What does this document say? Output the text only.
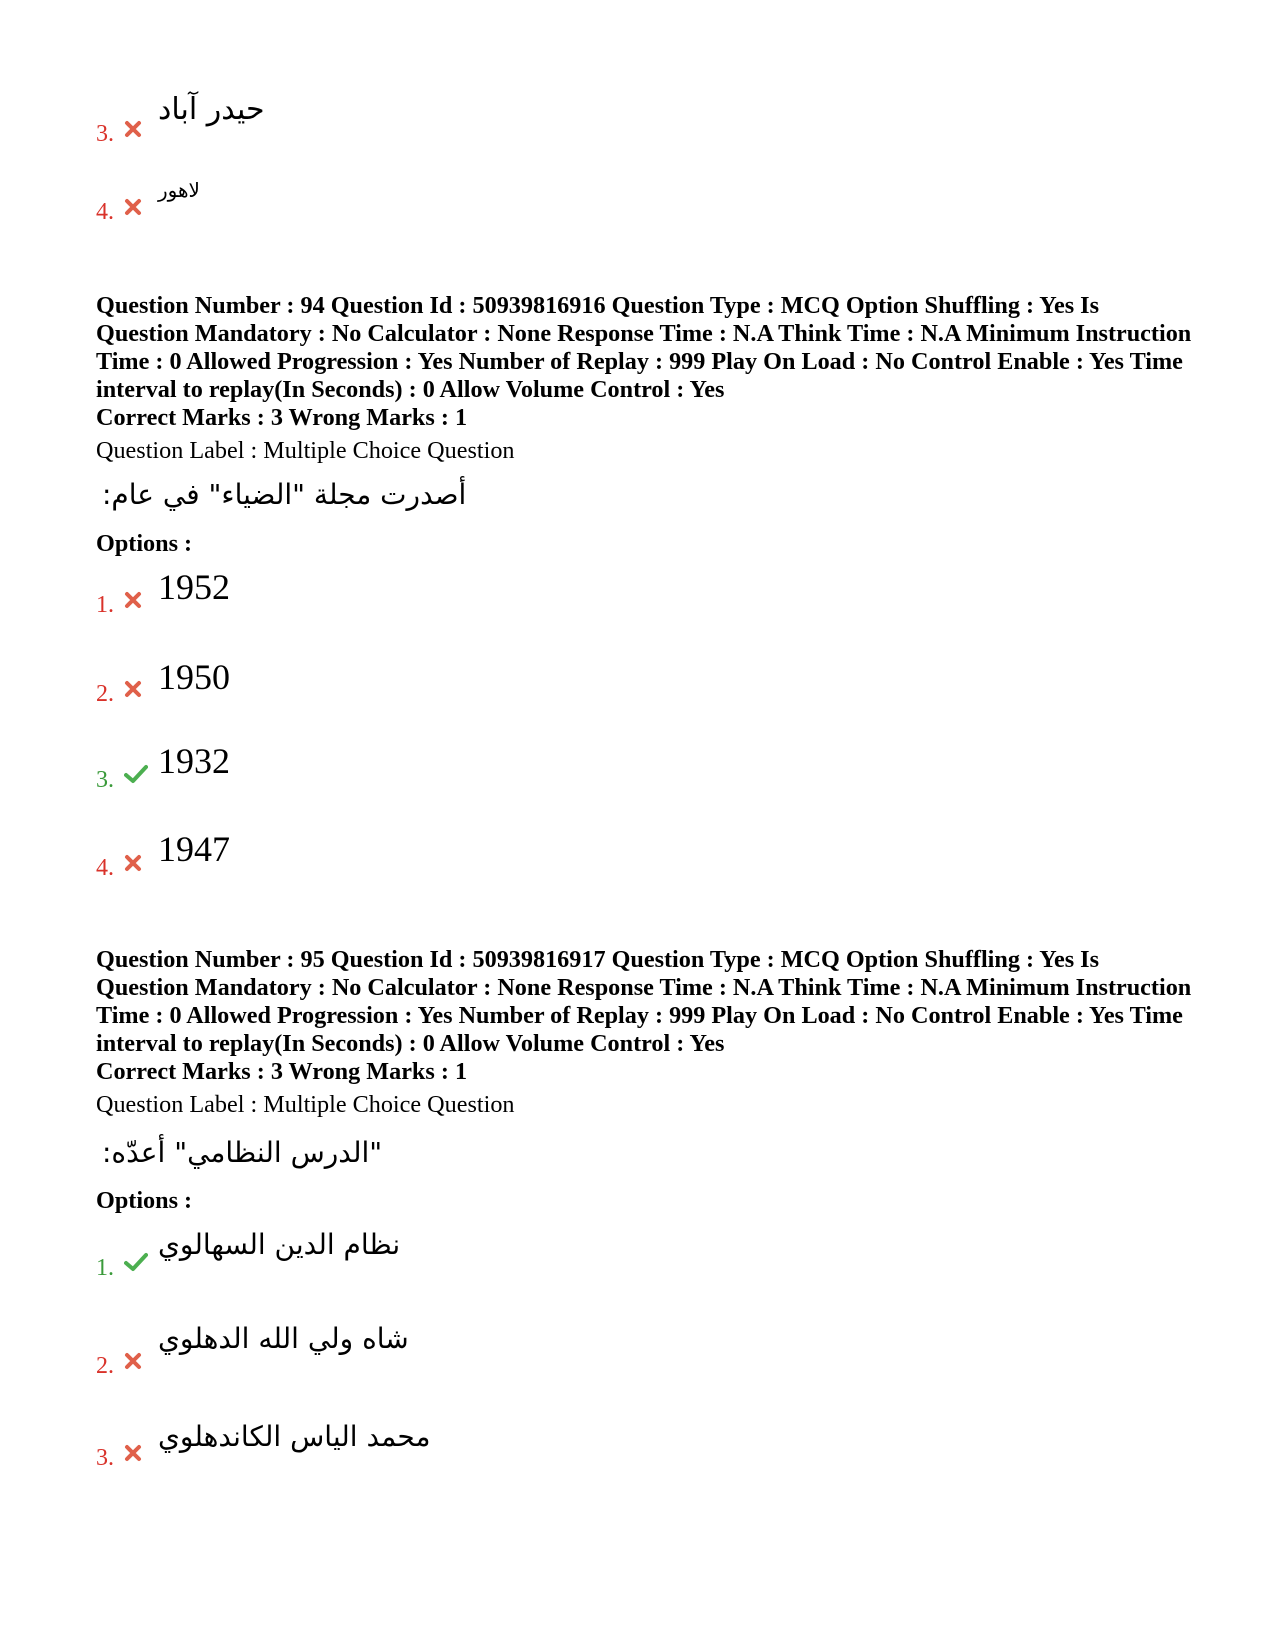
3.
حيدر آباد
4.
لاهور
Question Number : 94 Question Id : 50939816916 Question Type : MCQ Option Shuffling : Yes Is Question Mandatory : No Calculator : None Response Time : N.A Think Time : N.A Minimum Instruction Time : 0 Allowed Progression : Yes Number of Replay : 999 Play On Load : No Control Enable : Yes Time interval to replay(In Seconds) : 0 Allow Volume Control : Yes
Correct Marks : 3 Wrong Marks : 1
Question Label : Multiple Choice Question
أصدرت مجلة "الضياء" في عام:
Options :
1. 1952
2. 1950
3. 1932
4. 1947
Question Number : 95 Question Id : 50939816917 Question Type : MCQ Option Shuffling : Yes Is Question Mandatory : No Calculator : None Response Time : N.A Think Time : N.A Minimum Instruction Time : 0 Allowed Progression : Yes Number of Replay : 999 Play On Load : No Control Enable : Yes Time interval to replay(In Seconds) : 0 Allow Volume Control : Yes
Correct Marks : 3 Wrong Marks : 1
Question Label : Multiple Choice Question
"الدرس النظامي" أعدّه:
Options :
1.
نظام الدين السهالوي
2.
شاه ولي الله الدهلوي
3.
محمد الياس الكاندهلوي
